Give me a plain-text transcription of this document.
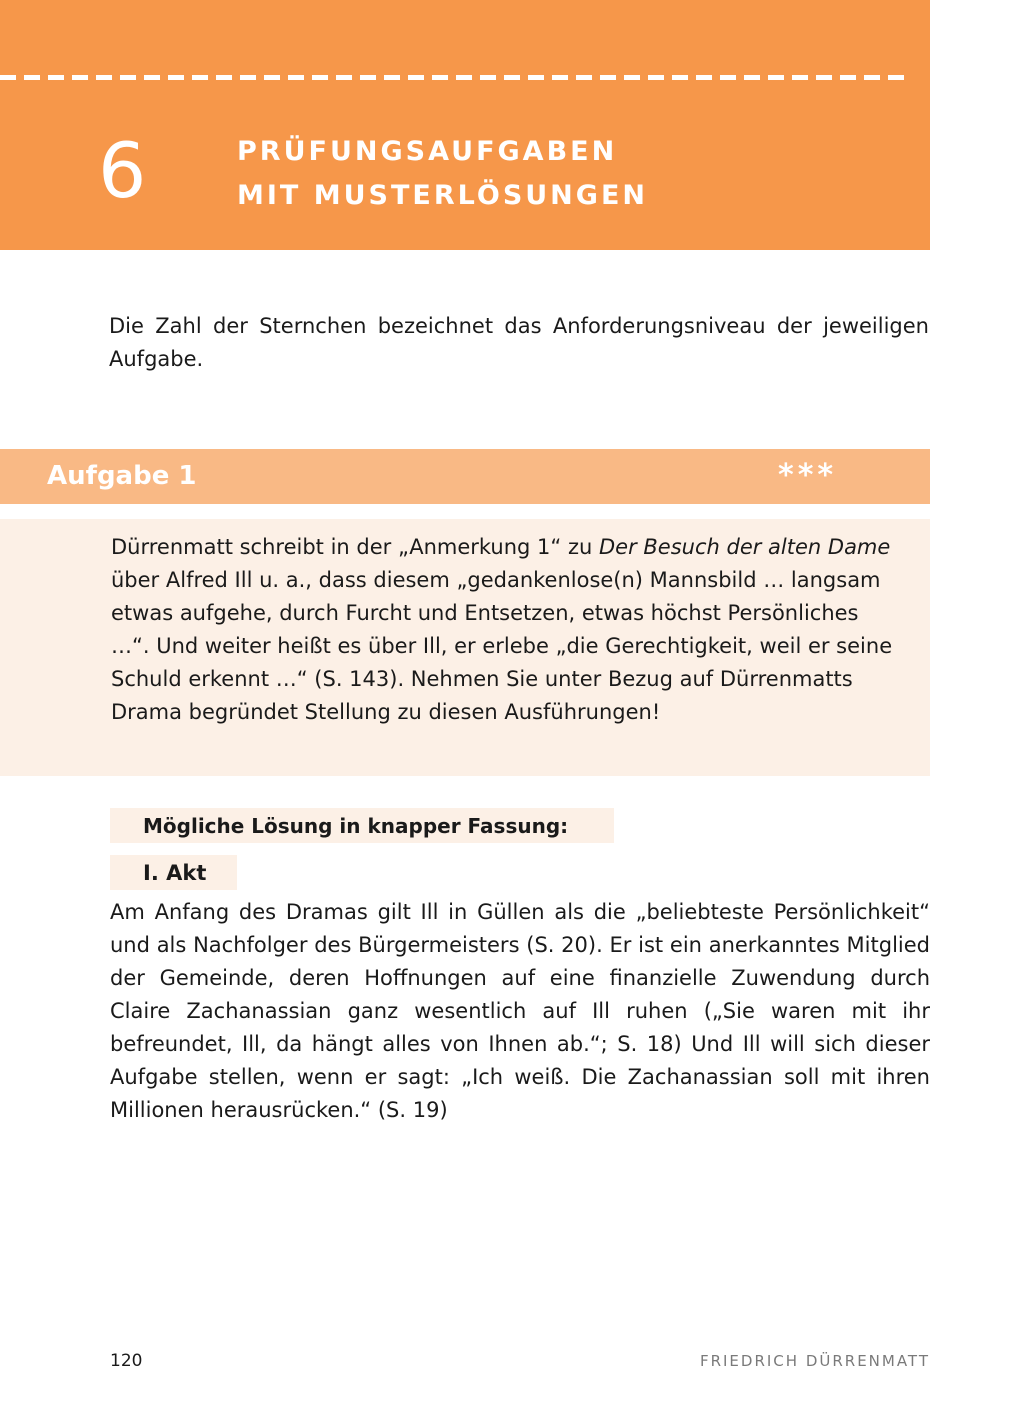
6	PRÜFUNGSAUFGABEN
MIT MUSTERLÖSUNGEN

Die Zahl der Sternchen bezeichnet das Anforderungsniveau der jeweiligen Aufgabe.

Aufgabe 1	***

Dürrenmatt schreibt in der „Anmerkung 1“ zu Der Besuch der alten Dame über Alfred Ill u. a., dass diesem „gedankenlose(n) Mannsbild … langsam etwas aufgehe, durch Furcht und Entsetzen, etwas höchst Persönliches …“. Und weiter heißt es über Ill, er erlebe „die Gerechtigkeit, weil er seine Schuld erkennt …“ (S. 143). Nehmen Sie unter Bezug auf Dürrenmatts Drama begründet Stellung zu diesen Ausführungen!

Mögliche Lösung in knapper Fassung:
I. Akt

Am Anfang des Dramas gilt Ill in Güllen als die „beliebteste Persönlichkeit“ und als Nachfolger des Bürgermeisters (S. 20). Er ist ein anerkanntes Mitglied der Gemeinde, deren Hoffnungen auf eine finanzielle Zuwendung durch Claire Zachanassian ganz wesentlich auf Ill ruhen („Sie waren mit ihr befreundet, Ill, da hängt alles von Ihnen ab.“; S. 18) Und Ill will sich dieser Aufgabe stellen, wenn er sagt: „Ich weiß. Die Zachanassian soll mit ihren Millionen herausrücken.“ (S. 19)

120	FRIEDRICH DÜRRENMATT
